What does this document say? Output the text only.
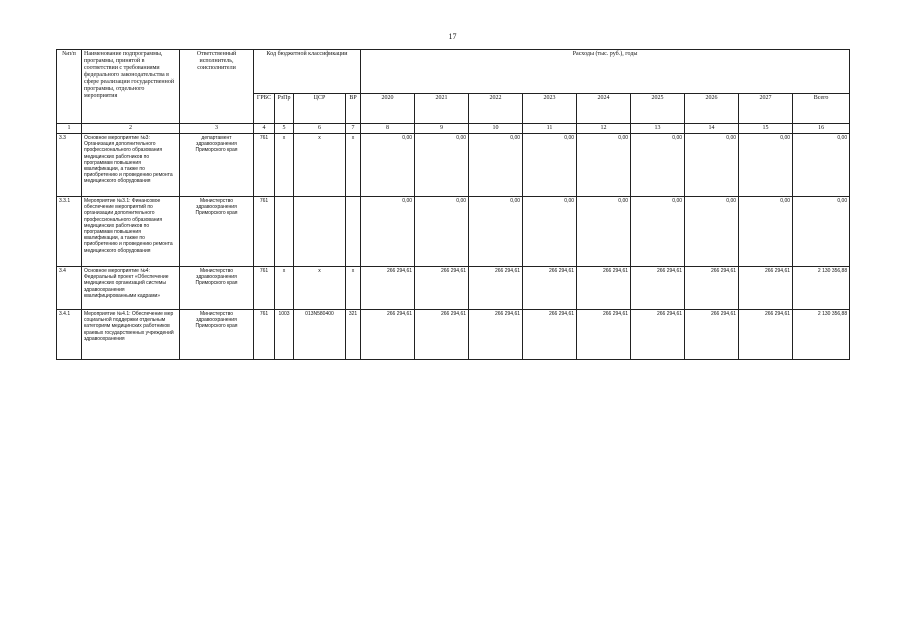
17
№п/п	Наименование подпрограммы, программы, принятой в соответствии с требованиями федерального законодательства в сфере реализации государственной программы, отдельного мероприятия	Ответственный исполнитель, соисполнители	Код бюджетной классификации				Расходы (тыс. руб.), годы								
			ГРБС	РзПр	ЦСР	ВР	2020	2021	2022	2023	2024	2025	2026	2027	Всего
1	2	3	4	5	6	7	8	9	10	11	12	13	14	15	16
3.3	Основное мероприятие №3: Организация дополнительного профессионального образования медицинских работников по программам повышения квалификации, а также по приобретению и проведению ремонта медицинского оборудования	департамент здравоохранения Приморского края	761	х	х	х	0,00	0,00	0,00	0,00	0,00	0,00	0,00	0,00	0,00
3.3.1	Мероприятие №3.1: Финансовое обеспечение мероприятий по организации дополнительного профессионального образования медицинских работников по программам повышения квалификации, а также по приобретению и проведению ремонта медицинского оборудования	Министерство здравоохранения Приморского края	761				0,00	0,00	0,00	0,00	0,00	0,00	0,00	0,00	0,00
3.4	Основное мероприятие №4: Федеральный проект «Обеспечение медицинских организаций системы здравоохранения квалифицированными кадрами»	Министерство здравоохранения Приморского края	761	х	х	х	266 294,61	266 294,61	266 294,61	266 294,61	266 294,61	266 294,61	266 294,61	266 294,61	2 130 356,88
3.4.1	Мероприятие №4.1: Обеспечение мер социальной поддержки отдельным категориям медицинских работников краевых государственных учреждений здравоохранения	Министерство здравоохранения Приморского края	761	1003	013N580400	321	266 294,61	266 294,61	266 294,61	266 294,61	266 294,61	266 294,61	266 294,61	266 294,61	2 130 356,88
